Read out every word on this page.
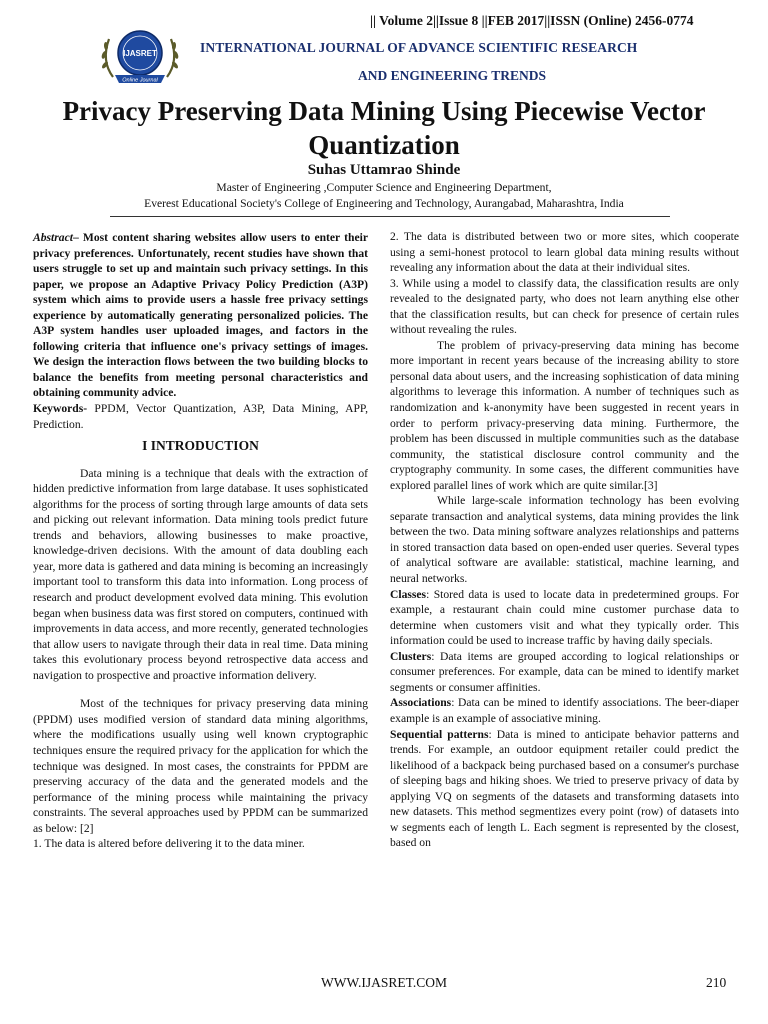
|| Volume 2||Issue 8 ||FEB 2017||ISSN (Online) 2456-0774
IJASRET
Online Journal
INTERNATIONAL JOURNAL OF ADVANCE SCIENTIFIC RESEARCH
AND ENGINEERING TRENDS
Privacy Preserving Data Mining Using Piecewise Vector Quantization
Suhas Uttamrao Shinde
Master of Engineering ,Computer Science and Engineering Department,
Everest Educational Society's College of Engineering and Technology, Aurangabad, Maharashtra, India

Abstract– Most content sharing websites allow users to enter their privacy preferences. Unfortunately, recent studies have shown that users struggle to set up and maintain such privacy settings. In this paper, we propose an Adaptive Privacy Policy Prediction (A3P) system which aims to provide users a hassle free privacy settings experience by automatically generating personalized policies. The A3P system handles user uploaded images, and factors in the following criteria that influence one's privacy settings of images. We design the interaction flows between the two building blocks to balance the benefits from meeting personal characteristics and obtaining community advice.

Keywords- PPDM, Vector Quantization, A3P, Data Mining, APP, Prediction.

I INTRODUCTION

Data mining is a technique that deals with the extraction of hidden predictive information from large database. It uses sophisticated algorithms for the process of sorting through large amounts of data sets and picking out relevant information. Data mining tools predict future trends and behaviors, allowing businesses to make proactive, knowledge-driven decisions. With the amount of data doubling each year, more data is gathered and data mining is becoming an increasingly important tool to transform this data into information. Long process of research and product development evolved data mining. This evolution began when business data was first stored on computers, continued with improvements in data access, and more recently, generated technologies that allow users to navigate through their data in real time. Data mining takes this evolutionary process beyond retrospective data access and navigation to prospective and proactive information delivery.

Most of the techniques for privacy preserving data mining (PPDM) uses modified version of standard data mining algorithms, where the modifications usually using well known cryptographic techniques ensure the required privacy for the application for which the technique was designed. In most cases, the constraints for PPDM are preserving accuracy of the data and the generated models and the performance of the mining process while maintaining the privacy constraints. The several approaches used by PPDM can be summarized as below: [2]

1. The data is altered before delivering it to the data miner.

2. The data is distributed between two or more sites, which cooperate using a semi-honest protocol to learn global data mining results without revealing any information about the data at their individual sites.

3. While using a model to classify data, the classification results are only revealed to the designated party, who does not learn anything else other that the classification results, but can check for presence of certain rules without revealing the rules.

The problem of privacy-preserving data mining has become more important in recent years because of the increasing ability to store personal data about users, and the increasing sophistication of data mining algorithms to leverage this information. A number of techniques such as randomization and k-anonymity have been suggested in recent years in order to perform privacy-preserving data mining. Furthermore, the problem has been discussed in multiple communities such as the database community, the statistical disclosure control community and the cryptography community. In some cases, the different communities have explored parallel lines of work which are quite similar.[3]

While large-scale information technology has been evolving separate transaction and analytical systems, data mining provides the link between the two. Data mining software analyzes relationships and patterns in stored transaction data based on open-ended user queries. Several types of analytical software are available: statistical, machine learning, and neural networks.

Classes: Stored data is used to locate data in predetermined groups. For example, a restaurant chain could mine customer purchase data to determine when customers visit and what they typically order. This information could be used to increase traffic by having daily specials.

Clusters: Data items are grouped according to logical relationships or consumer preferences. For example, data can be mined to identify market segments or consumer affinities.

Associations: Data can be mined to identify associations. The beer-diaper example is an example of associative mining.

Sequential patterns: Data is mined to anticipate behavior patterns and trends. For example, an outdoor equipment retailer could predict the likelihood of a backpack being purchased based on a consumer's purchase of sleeping bags and hiking shoes. We tried to preserve privacy of data by applying VQ on segments of the datasets and transforming datasets into new datasets. This method segmentizes every point (row) of datasets into w segments each of length L. Each segment is represented by the closest, based on

WWW.IJASRET.COM	210
